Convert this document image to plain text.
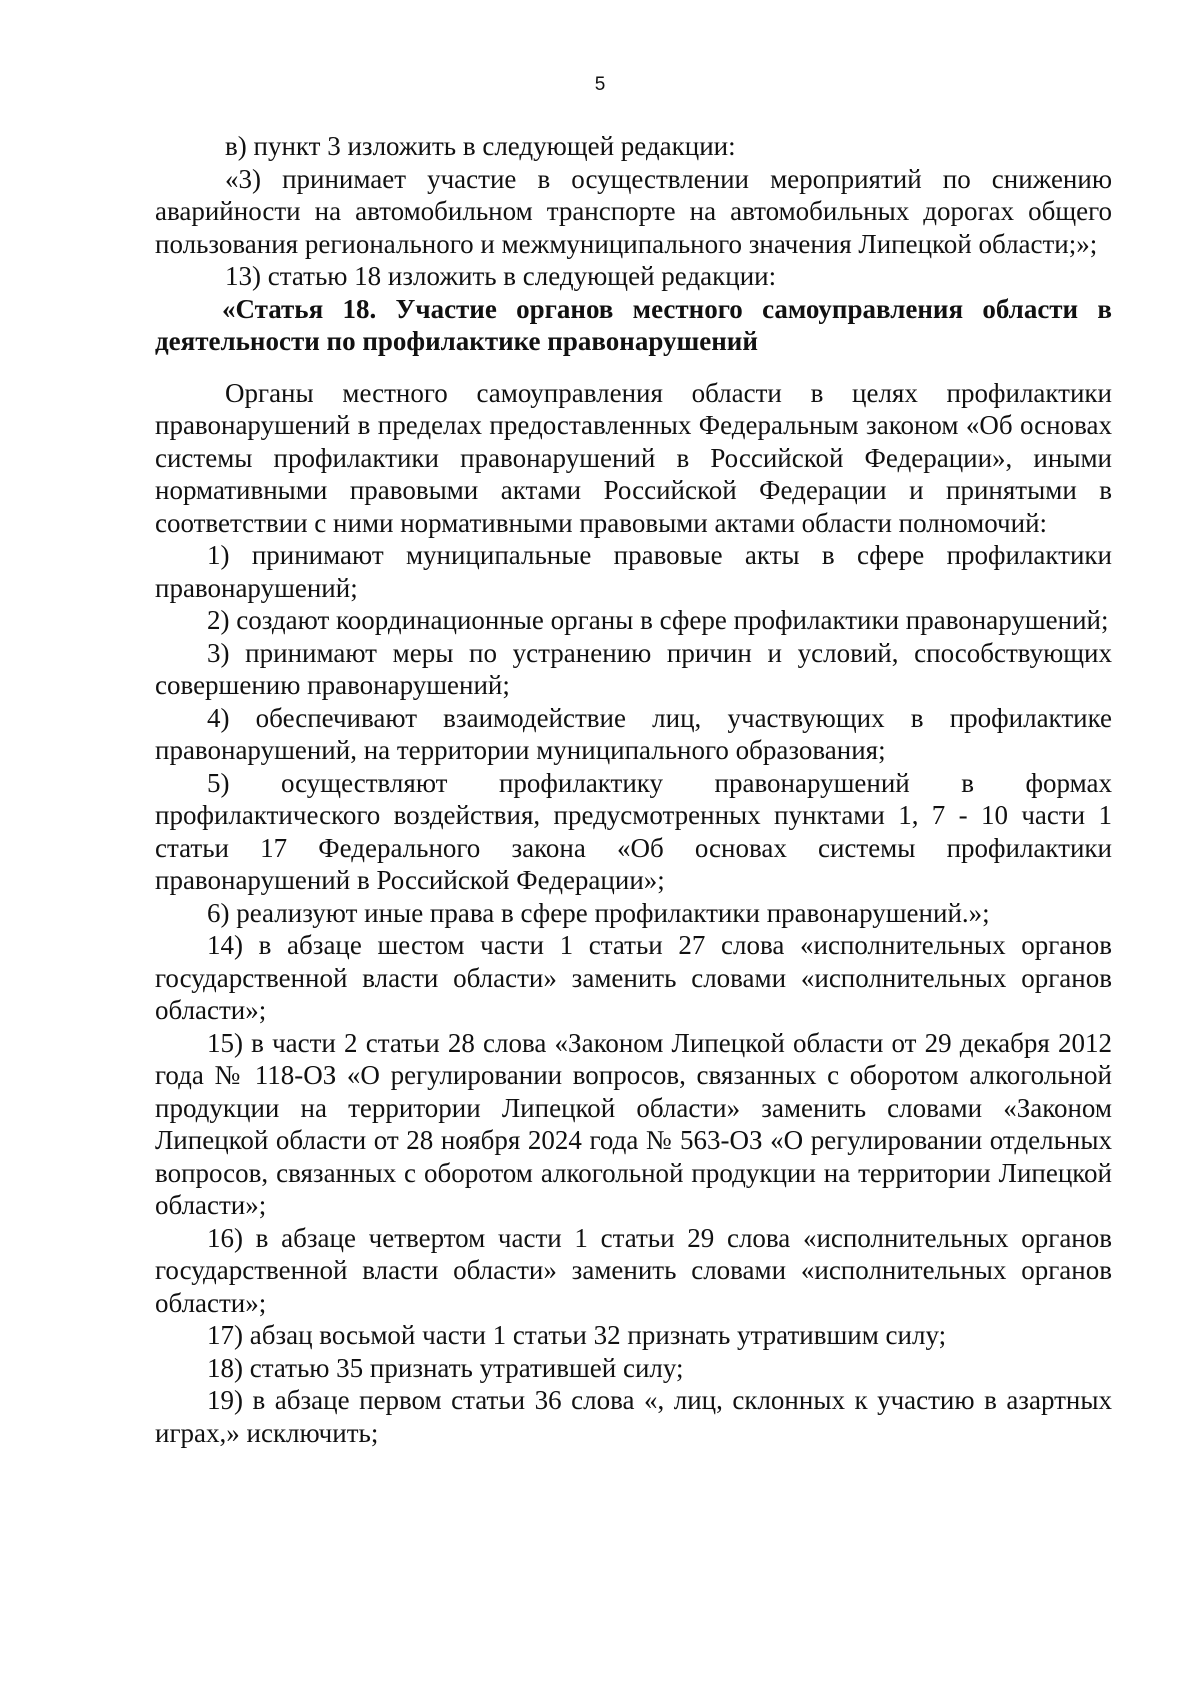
5

в) пункт 3 изложить в следующей редакции:

«3) принимает участие в осуществлении мероприятий по снижению аварийности на автомобильном транспорте на автомобильных дорогах общего пользования регионального и межмуниципального значения Липецкой области;»;

13) статью 18 изложить в следующей редакции:

«Статья 18. Участие органов местного самоуправления области в деятельности по профилактике правонарушений

Органы местного самоуправления области в целях профилактики правонарушений в пределах предоставленных Федеральным законом «Об основах системы профилактики правонарушений в Российской Федерации», иными нормативными правовыми актами Российской Федерации и принятыми в соответствии с ними нормативными правовыми актами области полномочий:

1) принимают муниципальные правовые акты в сфере профилактики правонарушений;

2) создают координационные органы в сфере профилактики правонарушений;

3) принимают меры по устранению причин и условий, способствующих совершению правонарушений;

4) обеспечивают взаимодействие лиц, участвующих в профилактике правонарушений, на территории муниципального образования;

5) осуществляют профилактику правонарушений в формах профилактического воздействия, предусмотренных пунктами 1, 7 - 10 части 1 статьи 17 Федерального закона «Об основах системы профилактики правонарушений в Российской Федерации»;

6) реализуют иные права в сфере профилактики правонарушений.»;

14) в абзаце шестом части 1 статьи 27 слова «исполнительных органов государственной власти области» заменить словами «исполнительных органов области»;

15) в части 2 статьи 28 слова «Законом Липецкой области от 29 декабря 2012 года № 118-ОЗ «О регулировании вопросов, связанных с оборотом алкогольной продукции на территории Липецкой области» заменить словами «Законом Липецкой области от 28 ноября 2024 года № 563-ОЗ «О регулировании отдельных вопросов, связанных с оборотом алкогольной продукции на территории Липецкой области»;

16) в абзаце четвертом части 1 статьи 29 слова «исполнительных органов государственной власти области» заменить словами «исполнительных органов области»;

17) абзац восьмой части 1 статьи 32 признать утратившим силу;

18) статью 35 признать утратившей силу;

19) в абзаце первом статьи 36 слова «, лиц, склонных к участию в азартных играх,» исключить;
